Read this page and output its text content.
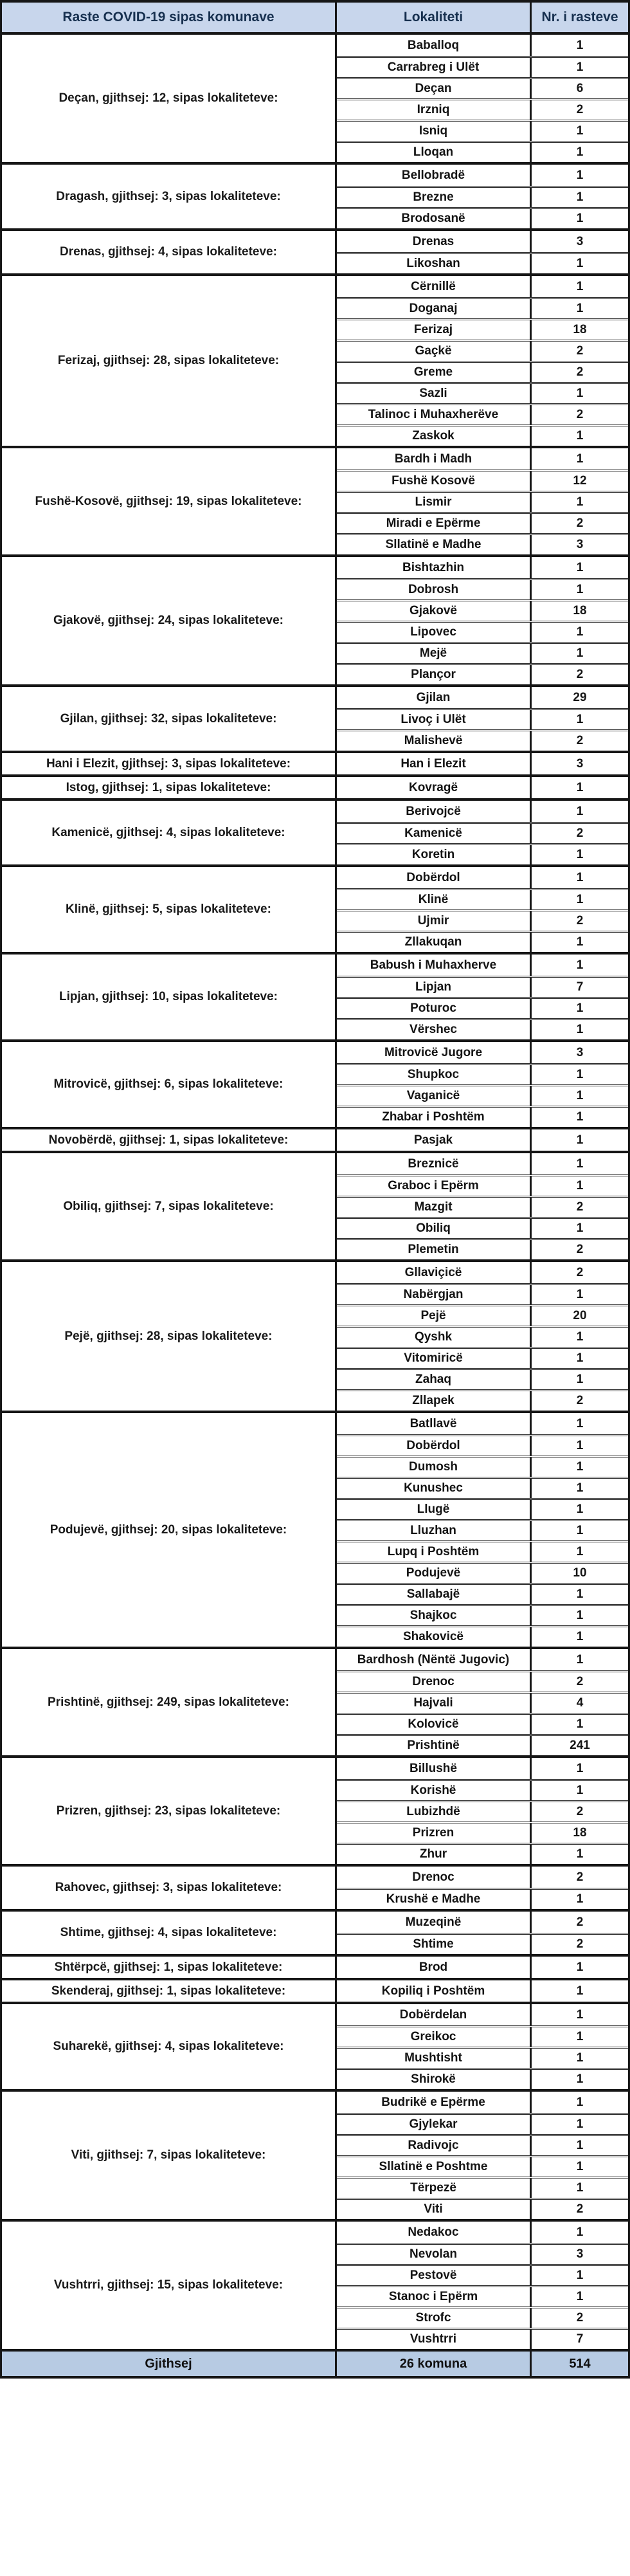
Raste COVID-19 sipas komunave	Lokaliteti	Nr. i rasteve
Deçan, gjithsej: 12, sipas lokaliteteve:
Baballoq	1
Carrabreg i Ulët	1
Deçan	6
Irzniq	2
Isniq	1
Lloqan	1
Dragash, gjithsej: 3, sipas lokaliteteve:
Bellobradë	1
Brezne	1
Brodosanë	1
Drenas, gjithsej: 4, sipas lokaliteteve:
Drenas	3
Likoshan	1
Ferizaj, gjithsej: 28, sipas lokaliteteve:
Cërnillë	1
Doganaj	1
Ferizaj	18
Gaçkë	2
Greme	2
Sazli	1
Talinoc i Muhaxherëve	2
Zaskok	1
Fushë-Kosovë, gjithsej: 19, sipas lokaliteteve:
Bardh i Madh	1
Fushë Kosovë	12
Lismir	1
Miradi e Epërme	2
Sllatinë e Madhe	3
Gjakovë, gjithsej: 24, sipas lokaliteteve:
Bishtazhin	1
Dobrosh	1
Gjakovë	18
Lipovec	1
Mejë	1
Plançor	2
Gjilan, gjithsej: 32, sipas lokaliteteve:
Gjilan	29
Livoç i Ulët	1
Malishevë	2
Hani i Elezit, gjithsej: 3, sipas lokaliteteve:	Han i Elezit	3
Istog, gjithsej: 1, sipas lokaliteteve:	Kovragë	1
Kamenicë, gjithsej: 4, sipas lokaliteteve:
Berivojcë	1
Kamenicë	2
Koretin	1
Klinë, gjithsej: 5, sipas lokaliteteve:
Dobërdol	1
Klinë	1
Ujmir	2
Zllakuqan	1
Lipjan, gjithsej: 10, sipas lokaliteteve:
Babush i Muhaxherve	1
Lipjan	7
Poturoc	1
Vërshec	1
Mitrovicë, gjithsej: 6, sipas lokaliteteve:
Mitrovicë Jugore	3
Shupkoc	1
Vaganicë	1
Zhabar i Poshtëm	1
Novobërdë, gjithsej: 1, sipas lokaliteteve:	Pasjak	1
Obiliq, gjithsej: 7, sipas lokaliteteve:
Breznicë	1
Graboc i Epërm	1
Mazgit	2
Obiliq	1
Plemetin	2
Pejë, gjithsej: 28, sipas lokaliteteve:
Gllaviçicë	2
Nabërgjan	1
Pejë	20
Qyshk	1
Vitomiricë	1
Zahaq	1
Zllapek	2
Podujevë, gjithsej: 20, sipas lokaliteteve:
Batllavë	1
Dobërdol	1
Dumosh	1
Kunushec	1
Llugë	1
Lluzhan	1
Lupq i Poshtëm	1
Podujevë	10
Sallabajë	1
Shajkoc	1
Shakovicë	1
Prishtinë, gjithsej: 249, sipas lokaliteteve:
Bardhosh (Nëntë Jugovic)	1
Drenoc	2
Hajvali	4
Kolovicë	1
Prishtinë	241
Prizren, gjithsej: 23, sipas lokaliteteve:
Billushë	1
Korishë	1
Lubizhdë	2
Prizren	18
Zhur	1
Rahovec, gjithsej: 3, sipas lokaliteteve:
Drenoc	2
Krushë e Madhe	1
Shtime, gjithsej: 4, sipas lokaliteteve:
Muzeqinë	2
Shtime	2
Shtërpcë, gjithsej: 1, sipas lokaliteteve:	Brod	1
Skenderaj, gjithsej: 1, sipas lokaliteteve:	Kopiliq i Poshtëm	1
Suharekë, gjithsej: 4, sipas lokaliteteve:
Dobërdelan	1
Greikoc	1
Mushtisht	1
Shirokë	1
Viti, gjithsej: 7, sipas lokaliteteve:
Budrikë e Epërme	1
Gjylekar	1
Radivojc	1
Sllatinë e Poshtme	1
Tërpezë	1
Viti	2
Vushtrri, gjithsej: 15, sipas lokaliteteve:
Nedakoc	1
Nevolan	3
Pestovë	1
Stanoc i Epërm	1
Strofc	2
Vushtrri	7
Gjithsej	26 komuna	514
